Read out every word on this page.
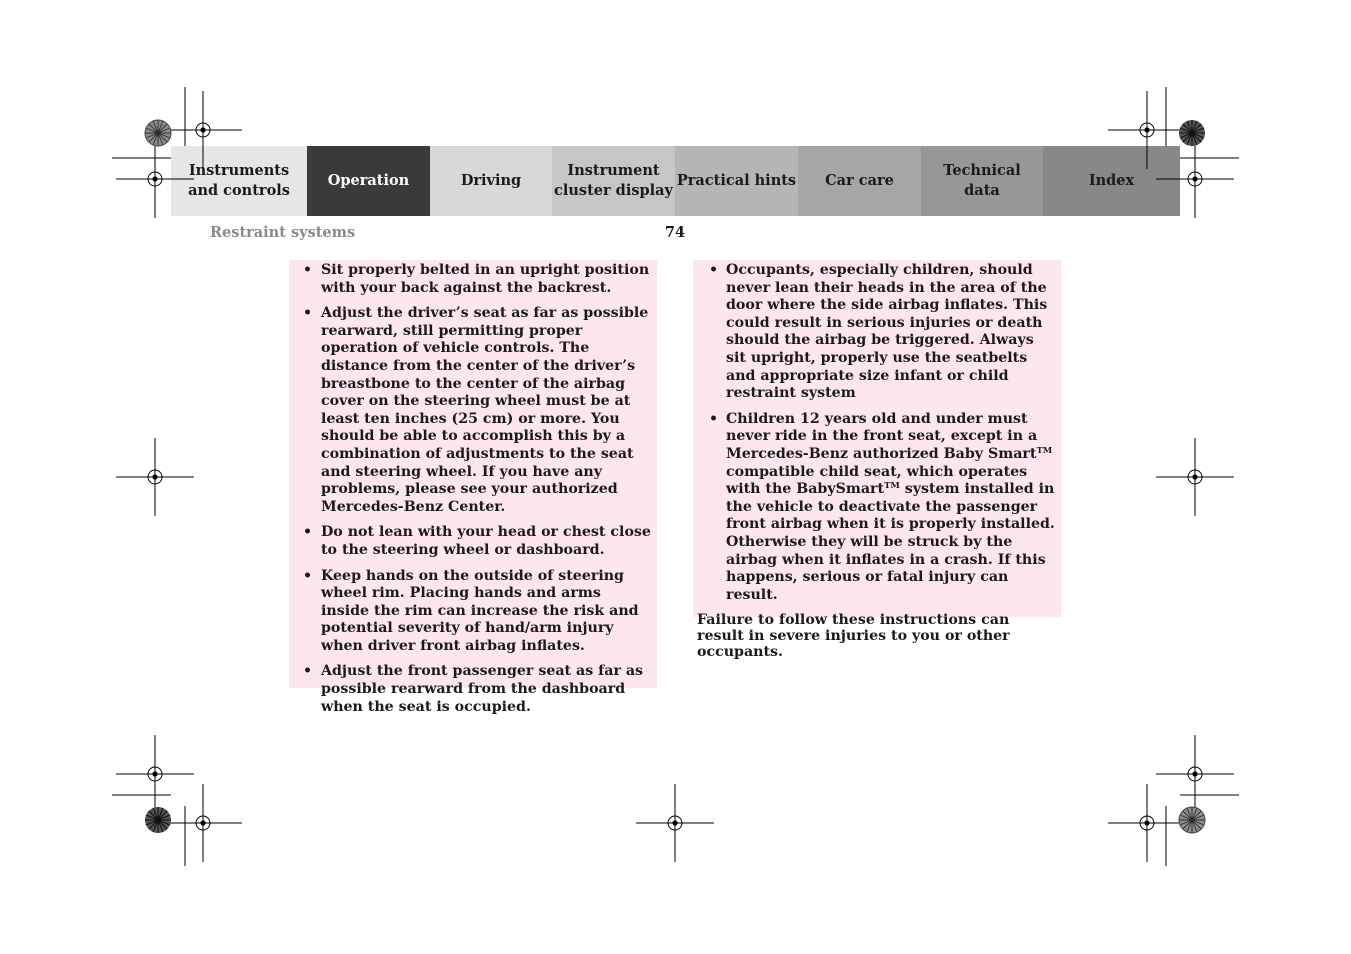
Instruments
and controls
Operation	Driving
Instrument
cluster display
Practical hints Car care
Technical
data
Index
Restraint systems	74
• Sit properly belted in an upright position with your back against the backrest.
• Adjust the driver’s seat as far as possible rearward, still permitting proper operation of vehicle controls. The distance from the center of the driver’s breastbone to the center of the airbag cover on the steering wheel must be at least ten inches (25 cm) or more. You should be able to accomplish this by a combination of adjustments to the seat and steering wheel. If you have any problems, please see your authorized Mercedes-Benz Center.
• Do not lean with your head or chest close to the steering wheel or dashboard.
• Keep hands on the outside of steering wheel rim. Placing hands and arms inside the rim can increase the risk and potential severity of hand/arm injury when driver front airbag inflates.
• Adjust the front passenger seat as far as possible rearward from the dashboard when the seat is occupied.
• Occupants, especially children, should never lean their heads in the area of the door where the side airbag inflates. This could result in serious injuries or death should the airbag be triggered. Always sit upright, properly use the seatbelts and appropriate size infant or child restraint system
• Children 12 years old and under must never ride in the front seat, except in a Mercedes-Benz authorized Baby Smart™ compatible child seat, which operates with the BabySmart™ system installed in the vehicle to deactivate the passenger front airbag when it is properly installed. Otherwise they will be struck by the airbag when it inflates in a crash. If this happens, serious or fatal injury can result.

Failure to follow these instructions can result in severe injuries to you or other occupants.
